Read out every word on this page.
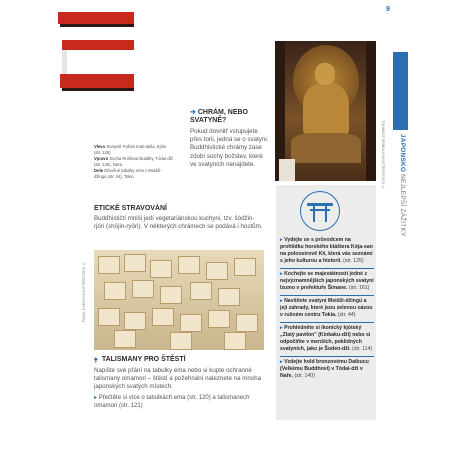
9
Vlevo Svatyně Fušimi Inari-taiša, Kjóto (str. 126)
Vpravo Socha Ruršana Buddhy, Tódai-dži (str. 140), Nara
Dole Dřevěné tabulky ema v Meidži-džingú (str. 44), Tokio
➔ CHRÁM, NEBO SVATYNĚ?
Pokud dovnitř vstupujete přes torii, jedná se o svatyni. Buddhistické chrámy zase zdobí sochy božstev, které ve svatyních nenajdete.	TOOMASZ PRIBULA/SHUTTERSTOCK ©	JAPONSKO NEJLEPŠÍ ZÁŽITKY
ETICKÉ STRAVOVÁNÍ
Buddhističtí mniši jedí vegetariánskou kuchyni, tzv. šódžin-rjóri (shōjin-ryōri). V některých chrámech se podává i hostům.
PAVEL KAPISH/SHUTTERSTOCK ©
➔ TALISMANY PRO ŠTĚSTÍ
Napište své přání na tabulky ema nebo si kupte ochranné talismany omamori – štěstí a požehnání naleznete na mnoha japonských svatých místech.
▸ Přečtěte si více o tabulkách ema (str. 120) a talismanech omamori (str. 121)
▸ Vydejte se s průvodcem na prohlídku horského kláštera Kója-san na poloostrově Kii, která vás seznámí s jeho kulturou a historií. (str. 125)
▸ Kochejte se majestátností jedné z nejvýznamnějších japonských svatyní Izumo v prefektuře Šimane. (str. 161)
▸ Navštivte svatyni Meidži-džingú a její zahrady, které jsou zelenou oázou v rušném centru Tokia. (str. 44)
▸ Prohlédněte si ikonický kjótský „Zlatý pavilon" (Kinkaku-dži) nebo si odpočiňte v menších, poklidných svatyních, jako je Šoden-dži. (str. 114)
▸ Vzdejte hold bronzovému Daibucu (Velkému Buddhovi) v Tódai-dži v Naře. (str. 140)
